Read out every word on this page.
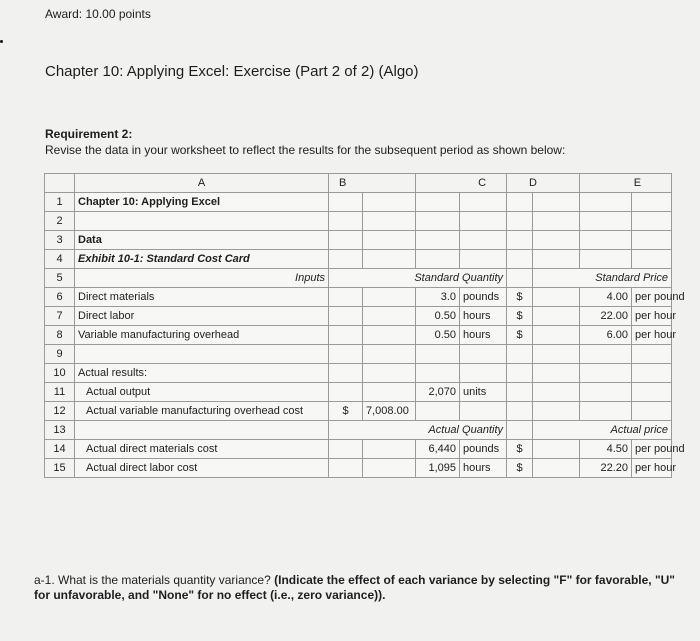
Award: 10.00 points
Chapter 10: Applying Excel: Exercise (Part 2 of 2) (Algo)
Requirement 2:
Revise the data in your worksheet to reflect the results for the subsequent period as shown below:
	A	B		C		D		E	
1	Chapter 10: Applying Excel								
2									
3	Data								
4	Exhibit 10-1: Standard Cost Card								
5	Inputs	Standard Quantity					Standard Price		
6	Direct materials			3.0	pounds	$		4.00	per pound
7	Direct labor			0.50	hours	$		22.00	per hour
8	Variable manufacturing overhead			0.50	hours	$		6.00	per hour
9									
10	Actual results:								
11	Actual output			2,070	units				
12	Actual variable manufacturing overhead cost	$	7,008.00						
13		Actual Quantity					Actual price		
14	Actual direct materials cost			6,440	pounds	$		4.50	per pound
15	Actual direct labor cost			1,095	hours	$		22.20	per hour
a-1. What is the materials quantity variance? (Indicate the effect of each variance by selecting "F" for favorable, "U" for unfavorable, and "None" for no effect (i.e., zero variance)).
